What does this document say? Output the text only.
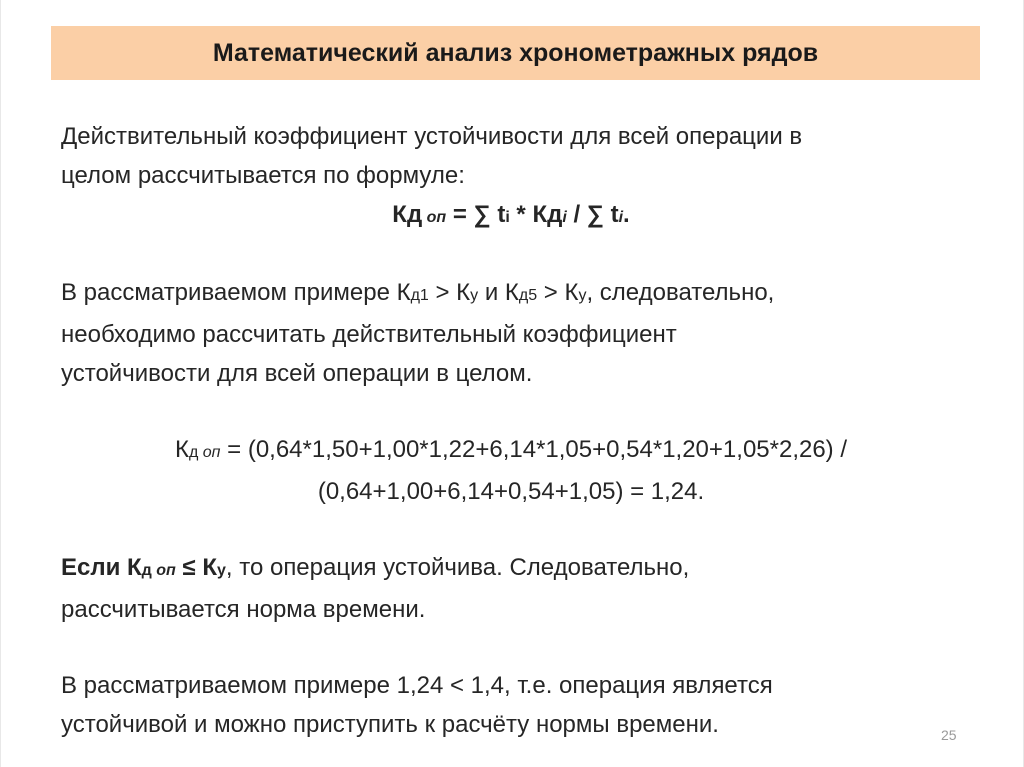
Математический анализ хронометражных рядов
Действительный коэффициент устойчивости для всей операции в
целом рассчитывается по формуле:
Кд оп = ∑ ti * Кдi / ∑ ti.
В рассматриваемом примере Кд1 > Ку и Кд5 > Ку, следовательно,
необходимо рассчитать действительный коэффициент
устойчивости для всей операции в целом.
Кд оп = (0,64*1,50+1,00*1,22+6,14*1,05+0,54*1,20+1,05*2,26) /
(0,64+1,00+6,14+0,54+1,05) = 1,24.
Если Кд оп ≤ Ку, то операция устойчива. Следовательно,
рассчитывается норма времени.
В рассматриваемом примере 1,24 < 1,4, т.е. операция является
устойчивой и можно приступить к расчёту нормы времени.	25
